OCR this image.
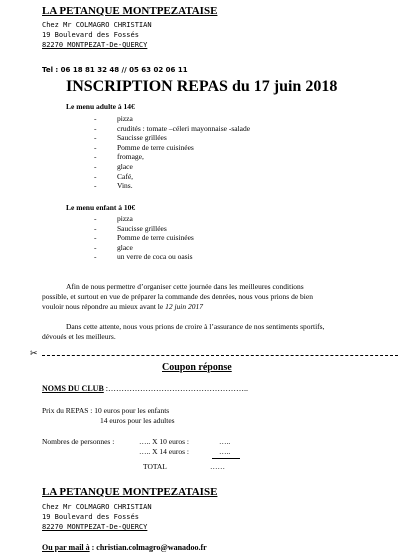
LA PETANQUE MONTPEZATAISE
Chez Mr COLMAGRO CHRISTIAN
19 Boulevard des Fossés
82270 MONTPEZAT-De-QUERCY
Tel : 06 18 81 32 48 // 05 63 02 06 11
INSCRIPTION REPAS du 17 juin 2018
Le menu adulte à 14€
- pizza
- crudités : tomate –céleri mayonnaise -salade
- Saucisse grillées
- Pomme de terre cuisinées
- fromage,
- glace
- Café,
- Vins.
Le menu enfant à 10€
- pizza
- Saucisse grillées
- Pomme de terre cuisinées
- glace
- un verre de coca ou oasis
Afin de nous permettre d’organiser cette journée dans les meilleures conditions
possible, et surtout en vue de préparer la commande des denrées, nous vous prions de bien
vouloir nous répondre au mieux avant le 12 juin 2017
Dans cette attente, nous vous prions de croire à l’assurance de nos sentiments sportifs,
dévoués et les meilleurs.
✂
Coupon réponse
NOMS DU CLUB :……………………………………………..
Prix du REPAS : 10 euros pour les enfants
14 euros pour les adultes
Nombres de personnes :	….. X 10 euros :	…..
….. X 14 euros :	…..
TOTAL	……
LA PETANQUE MONTPEZATAISE
Chez Mr COLMAGRO CHRISTIAN
19 Boulevard des Fossés
82270 MONTPEZAT-De-QUERCY
Ou par mail à : christian.colmagro@wanadoo.fr
